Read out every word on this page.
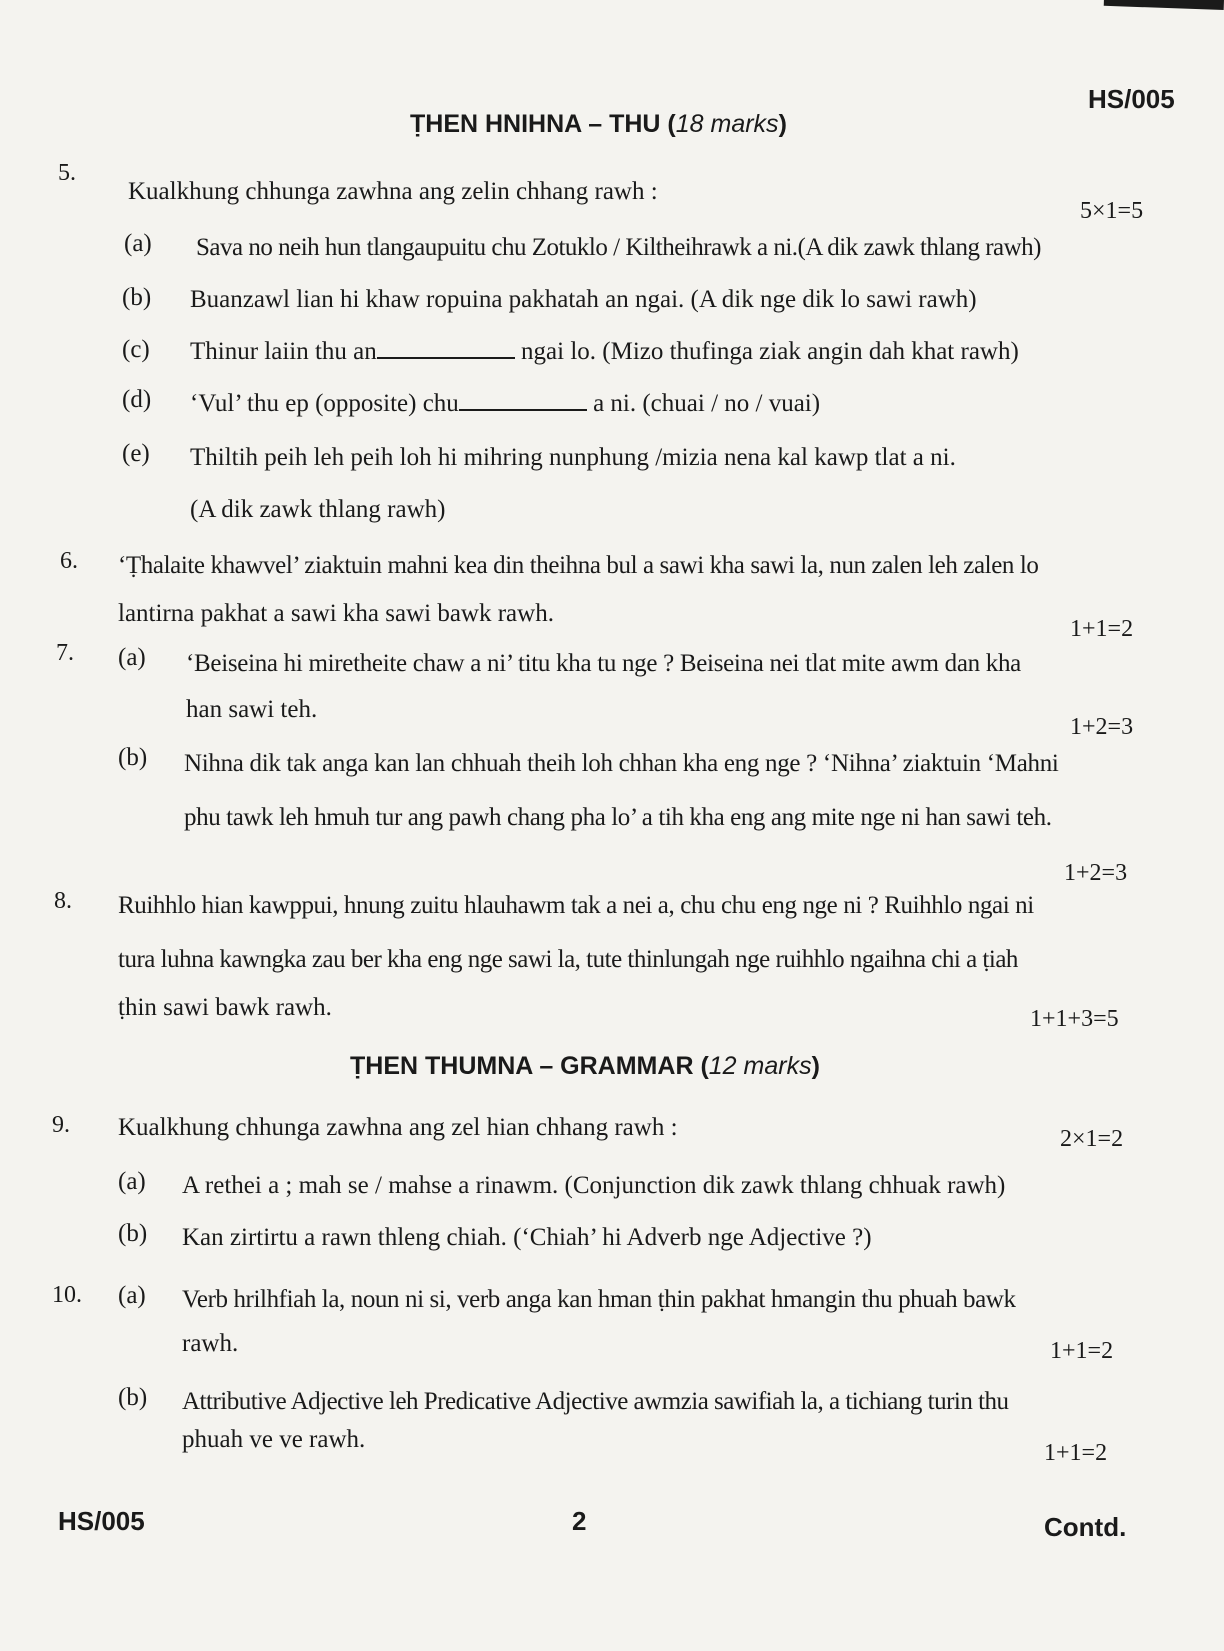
HS/005
ṬHEN HNIHNA – THU (18 marks)
5.
Kualkhung chhunga zawhna ang zelin chhang rawh :
5×1=5
(a) Sava no neih hun tlangaupuitu chu Zotuklo / Kiltheihrawk a ni.(A dik zawk thlang rawh)
(b) Buanzawl lian hi khaw ropuina pakhatah an ngai. (A dik nge dik lo sawi rawh)
(c) Thinur laiin thu an	ngai lo. (Mizo thufinga ziak angin dah khat rawh)
(d) ‘Vul’ thu ep (opposite) chu	a ni. (chuai / no / vuai)
(e) Thiltih peih leh peih loh hi mihring nunphung /mizia nena kal kawp tlat a ni.
(A dik zawk thlang rawh)
6. ‘Ṭhalaite khawvel’ ziaktuin mahni kea din theihna bul a sawi kha sawi la, nun zalen leh zalen lo
lantirna pakhat a sawi kha sawi bawk rawh.
1+1=2
7. (a) ‘Beiseina hi miretheite chaw a ni’ titu kha tu nge ? Beiseina nei tlat mite awm dan kha
han sawi teh.
1+2=3
(b) Nihna dik tak anga kan lan chhuah theih loh chhan kha eng nge ? ‘Nihna’ ziaktuin ‘Mahni
phu tawk leh hmuh tur ang pawh chang pha lo’ a tih kha eng ang mite nge ni han sawi teh.
1+2=3
8. Ruihhlo hian kawppui, hnung zuitu hlauhawm tak a nei a, chu chu eng nge ni ? Ruihhlo ngai ni
tura luhna kawngka zau ber kha eng nge sawi la, tute thinlungah nge ruihhlo ngaihna chi a ṭiah
ṭhin sawi bawk rawh.	1+1+3=5
ṬHEN THUMNA – GRAMMAR (12 marks)
9. Kualkhung chhunga zawhna ang zel hian chhang rawh :	2×1=2
(a) A rethei a ; mah se / mahse a rinawm. (Conjunction dik zawk thlang chhuak rawh)
(b) Kan zirtirtu a rawn thleng chiah. (‘Chiah’ hi Adverb nge Adjective ?)
10. (a) Verb hrilhfiah la, noun ni si, verb anga kan hman ṭhin pakhat hmangin thu phuah bawk
rawh.	1+1=2
(b) Attributive Adjective leh Predicative Adjective awmzia sawifiah la, a tichiang turin thu
phuah ve ve rawh.	1+1=2
HS/005	2	Contd.
